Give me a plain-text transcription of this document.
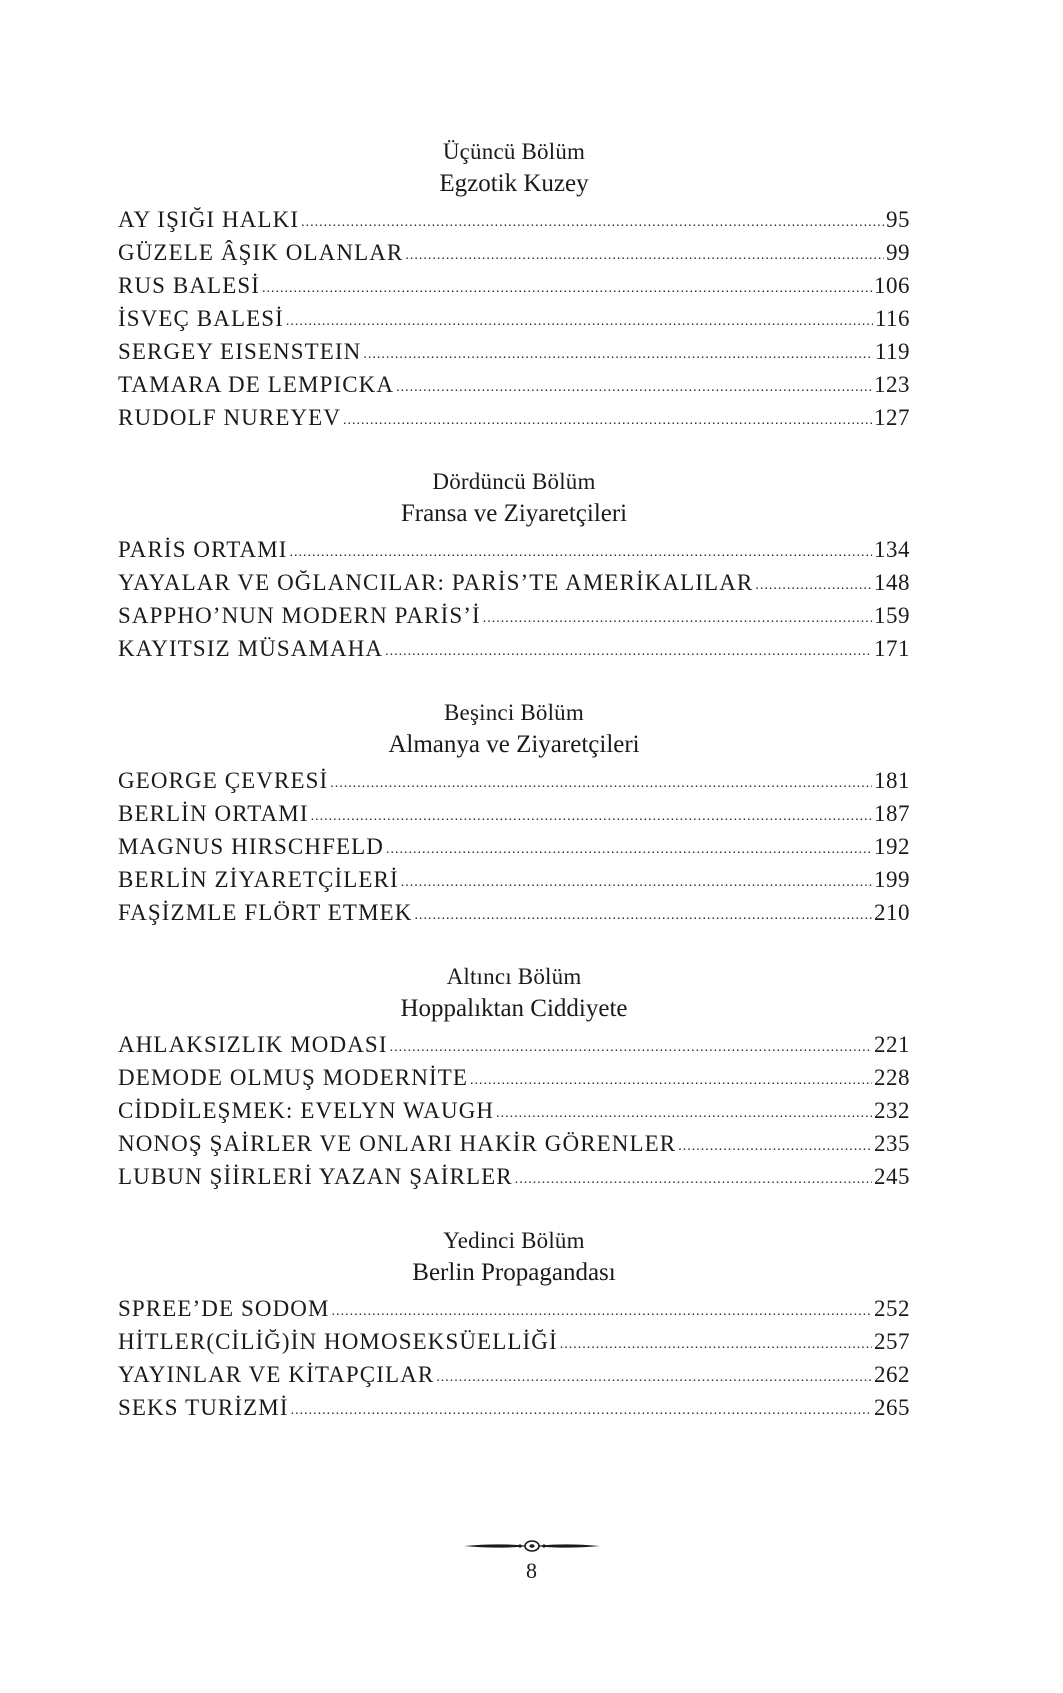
Üçüncü Bölüm
Egzotik Kuzey
AY IŞIĞI HALKI .....	95
GÜZELE ÂŞIK OLANLAR .....	99
RUS BALESİ .....	106
İSVEÇ BALESİ .....	116
SERGEY EISENSTEIN .....	119
TAMARA DE LEMPICKA .....	123
RUDOLF NUREYEV .....	127
Dördüncü Bölüm
Fransa ve Ziyaretçileri
PARİS ORTAMI .....	134
YAYALAR VE OĞLANCILAR: PARİS’TE AMERİKALILAR .....	148
SAPPHO’NUN MODERN PARİS’İ .....	159
KAYITSIZ MÜSAMAHA .....	171
Beşinci Bölüm
Almanya ve Ziyaretçileri
GEORGE ÇEVRESİ .....	181
BERLİN ORTAMI .....	187
MAGNUS HIRSCHFELD .....	192
BERLİN ZİYARETÇİLERİ .....	199
FAŞİZMLE FLÖRT ETMEK .....	210
Altıncı Bölüm
Hoppalıktan Ciddiyete
AHLAKSIZLIK MODASI .....	221
DEMODE OLMUŞ MODERNİTE .....	228
CİDDİLEŞMEK: EVELYN WAUGH .....	232
NONOŞ ŞAİRLER VE ONLARI HAKİR GÖRENLER .....	235
LUBUN ŞİİRLERİ YAZAN ŞAİRLER .....	245
Yedinci Bölüm
Berlin Propagandası
SPREE’DE SODOM .....	252
HİTLER(CİLİĞ)İN HOMOSEKSÜELLİĞİ .....	257
YAYINLAR VE KİTAPÇILAR .....	262
SEKS TURİZMİ .....	265
8
